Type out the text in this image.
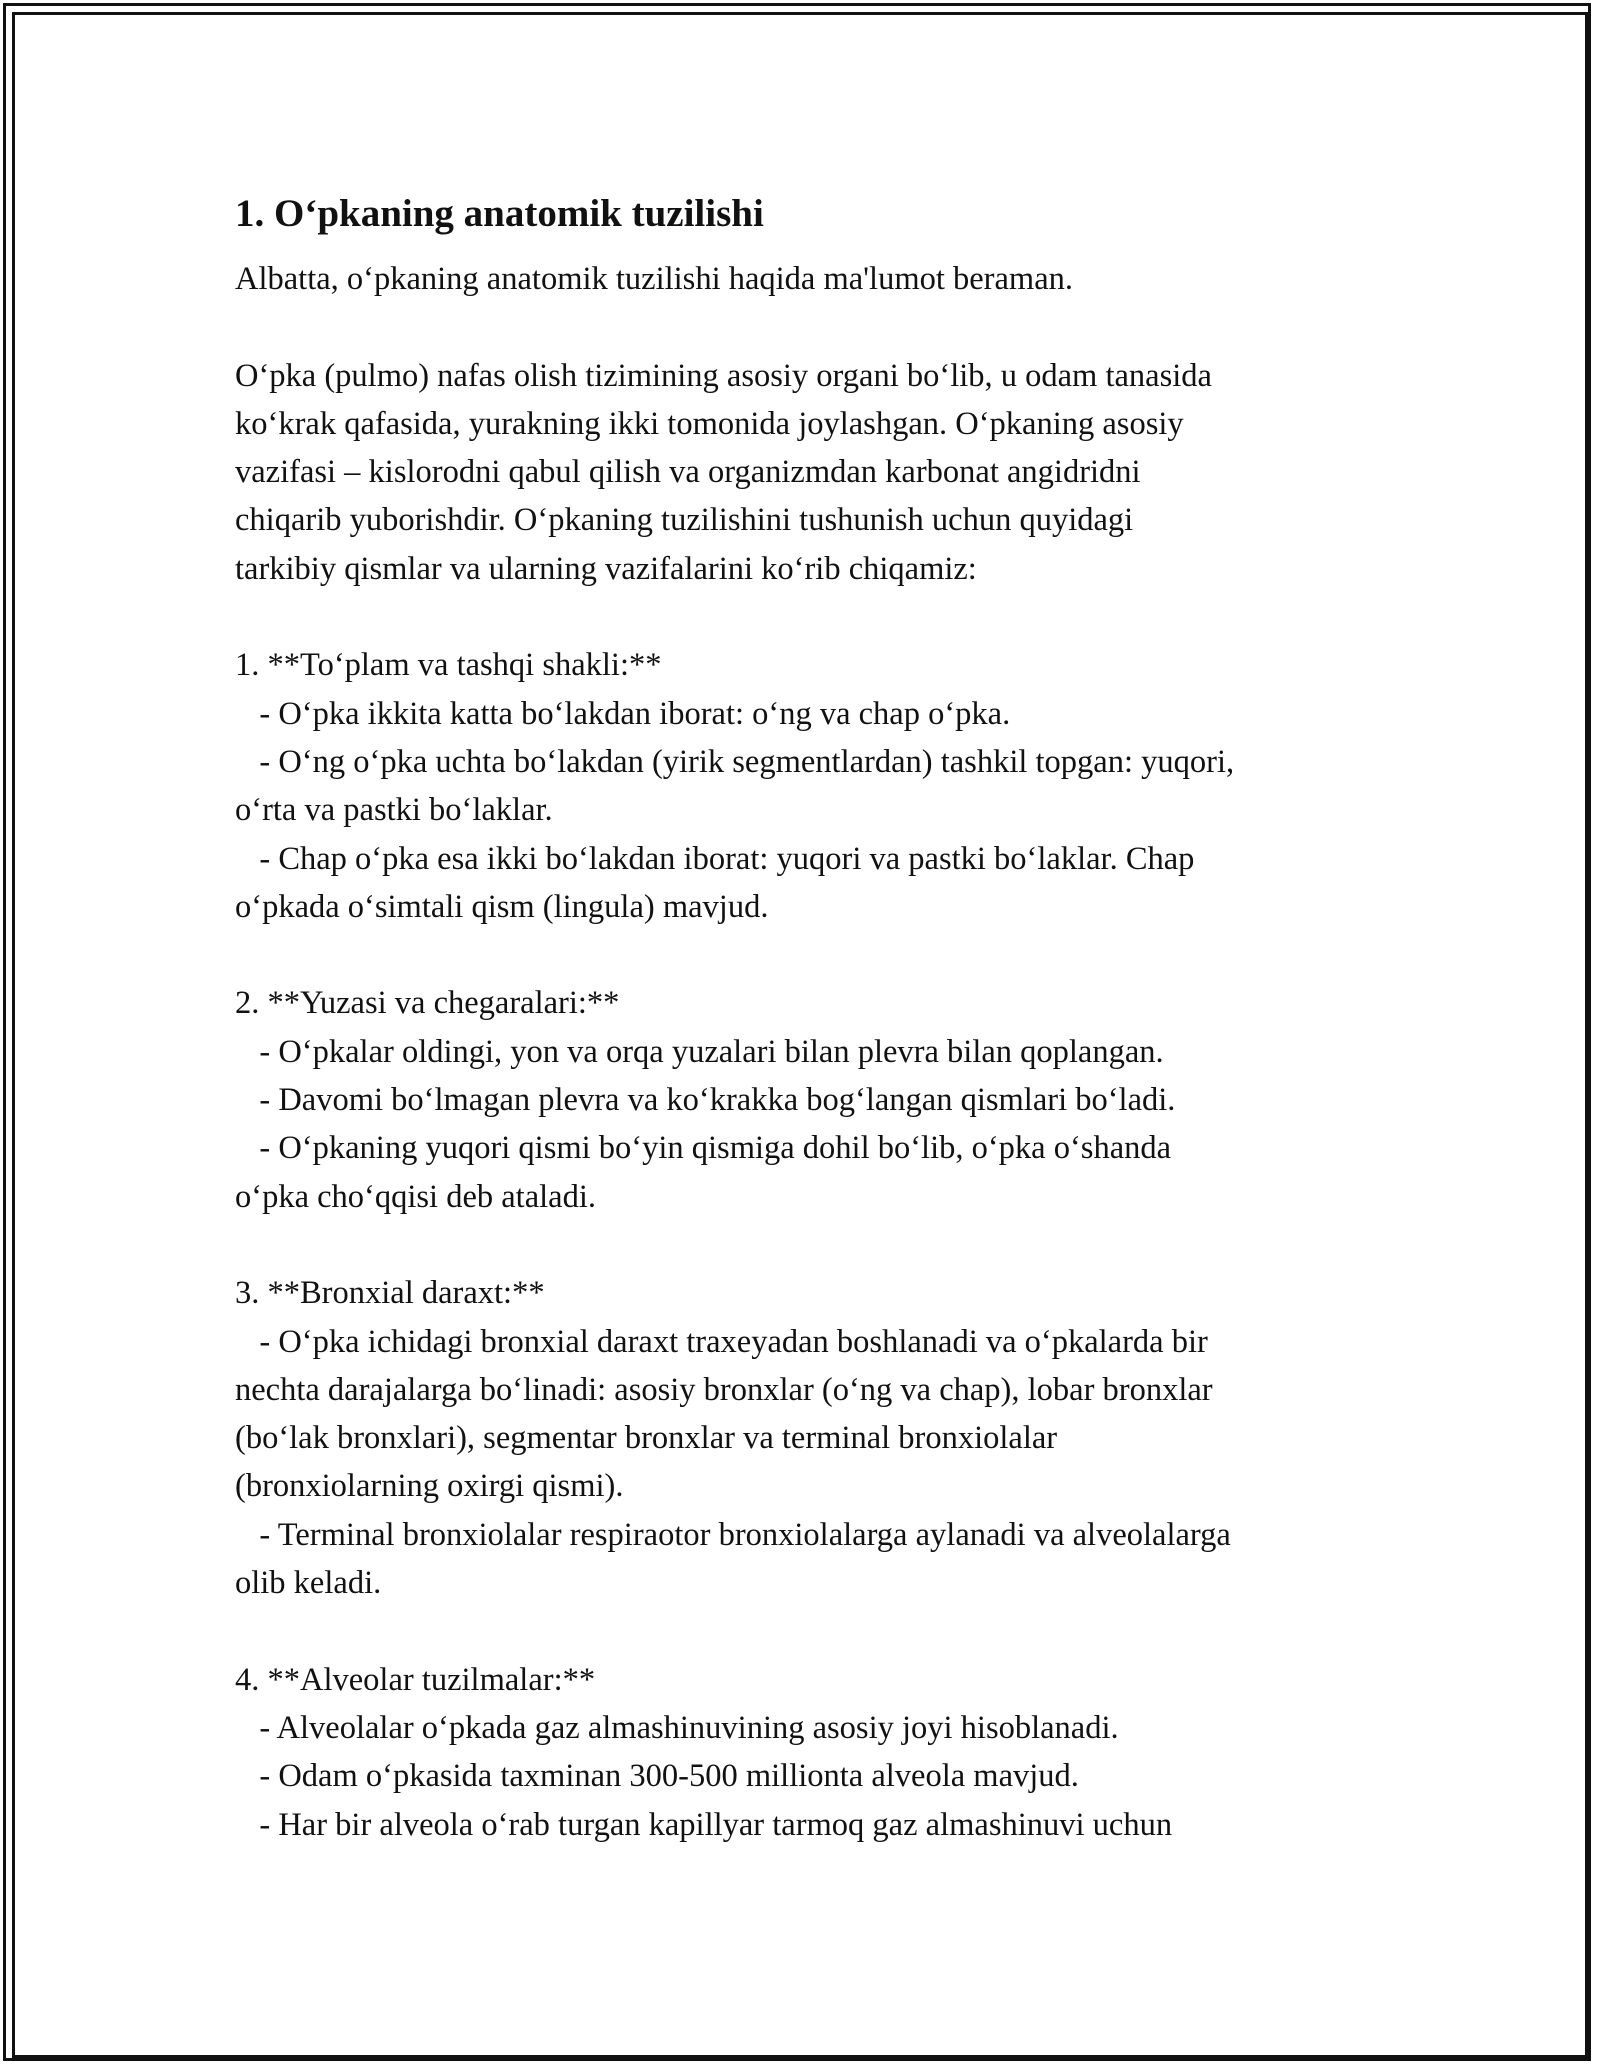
1. O‘pkaning anatomik tuzilishi
Albatta, o‘pkaning anatomik tuzilishi haqida ma'lumot beraman.
O‘pka (pulmo) nafas olish tizimining asosiy organi bo‘lib, u odam tanasida
ko‘krak qafasida, yurakning ikki tomonida joylashgan. O‘pkaning asosiy
vazifasi – kislorodni qabul qilish va organizmdan karbonat angidridni
chiqarib yuborishdir. O‘pkaning tuzilishini tushunish uchun quyidagi
tarkibiy qismlar va ularning vazifalarini ko‘rib chiqamiz:
1. **To‘plam va tashqi shakli:**
- O‘pka ikkita katta bo‘lakdan iborat: o‘ng va chap o‘pka.
- O‘ng o‘pka uchta bo‘lakdan (yirik segmentlardan) tashkil topgan: yuqori,
o‘rta va pastki bo‘laklar.
- Chap o‘pka esa ikki bo‘lakdan iborat: yuqori va pastki bo‘laklar. Chap
o‘pkada o‘simtali qism (lingula) mavjud.
2. **Yuzasi va chegaralari:**
- O‘pkalar oldingi, yon va orqa yuzalari bilan plevra bilan qoplangan.
- Davomi bo‘lmagan plevra va ko‘krakka bog‘langan qismlari bo‘ladi.
- O‘pkaning yuqori qismi bo‘yin qismiga dohil bo‘lib, o‘pka o‘shanda
o‘pka cho‘qqisi deb ataladi.
3. **Bronxial daraxt:**
- O‘pka ichidagi bronxial daraxt traxeyadan boshlanadi va o‘pkalarda bir
nechta darajalarga bo‘linadi: asosiy bronxlar (o‘ng va chap), lobar bronxlar
(bo‘lak bronxlari), segmentar bronxlar va terminal bronxiolalar
(bronxiolarning oxirgi qismi).
- Terminal bronxiolalar respiraotor bronxiolalarga aylanadi va alveolalarga
olib keladi.
4. **Alveolar tuzilmalar:**
- Alveolalar o‘pkada gaz almashinuvining asosiy joyi hisoblanadi.
- Odam o‘pkasida taxminan 300-500 millionta alveola mavjud.
- Har bir alveola o‘rab turgan kapillyar tarmoq gaz almashinuvi uchun
